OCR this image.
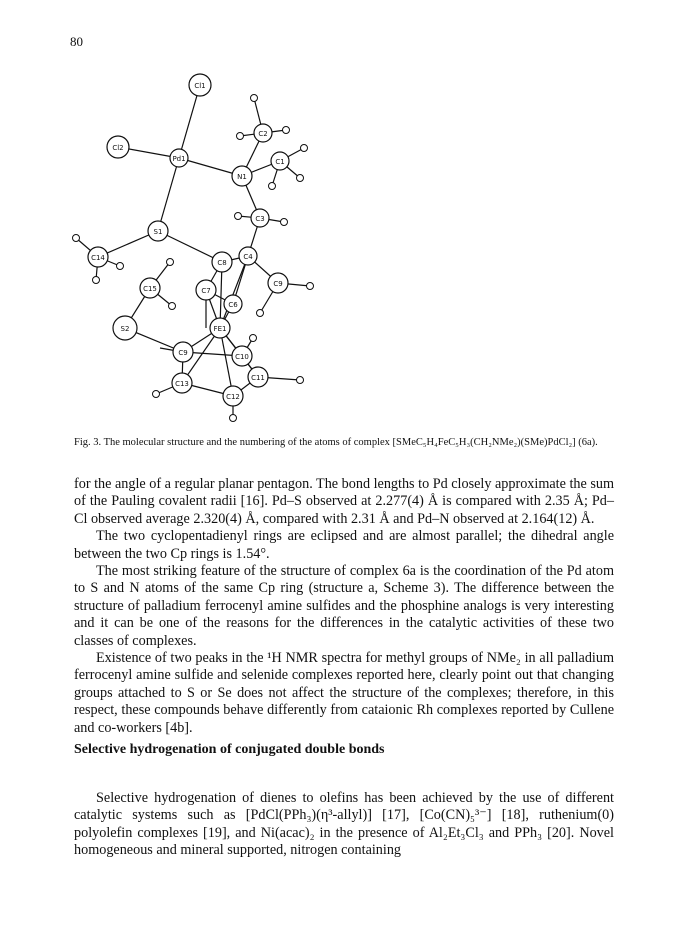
80
Cl1
Cl2
Pd1
N1
C2
C1
C3
S1
C14
C8
C4
C9
C15	C7
C6
S2	FE1
C9	C10
C13
C11
C12
Fig. 3. The molecular structure and the numbering of the atoms of complex [SMeC₅H₄FeC₅H₃(CH₂NMe₂)(SMe)PdCl₂] (6a).

for the angle of a regular planar pentagon. The bond lengths to Pd closely approximate the sum of the Pauling covalent radii [16]. Pd–S observed at 2.277(4) Å is compared with 2.35 Å; Pd–Cl observed average 2.320(4) Å, compared with 2.31 Å and Pd–N observed at 2.164(12) Å.

The two cyclopentadienyl rings are eclipsed and are almost parallel; the dihedral angle between the two Cp rings is 1.54°.

The most striking feature of the structure of complex 6a is the coordination of the Pd atom to S and N atoms of the same Cp ring (structure a, Scheme 3). The difference between the structure of palladium ferrocenyl amine sulfides and the phosphine analogs is very interesting and it can be one of the reasons for the differences in the catalytic activities of these two classes of complexes.

Existence of two peaks in the ¹H NMR spectra for methyl groups of NMe₂ in all palladium ferrocenyl amine sulfide and selenide complexes reported here, clearly point out that changing groups attached to S or Se does not affect the structure of the complexes; therefore, in this respect, these compounds behave differently from cataionic Rh complexes reported by Cullene and co-workers [4b].

Selective hydrogenation of conjugated double bonds

Selective hydrogenation of dienes to olefins has been achieved by the use of different catalytic systems such as [PdCl(PPh₃)(η³-allyl)] [17], [Co(CN)₅³⁻] [18], ruthenium(0) polyolefin complexes [19], and Ni(acac)₂ in the presence of Al₂Et₃Cl₃ and PPh₃ [20]. Novel homogeneous and mineral supported, nitrogen containing
